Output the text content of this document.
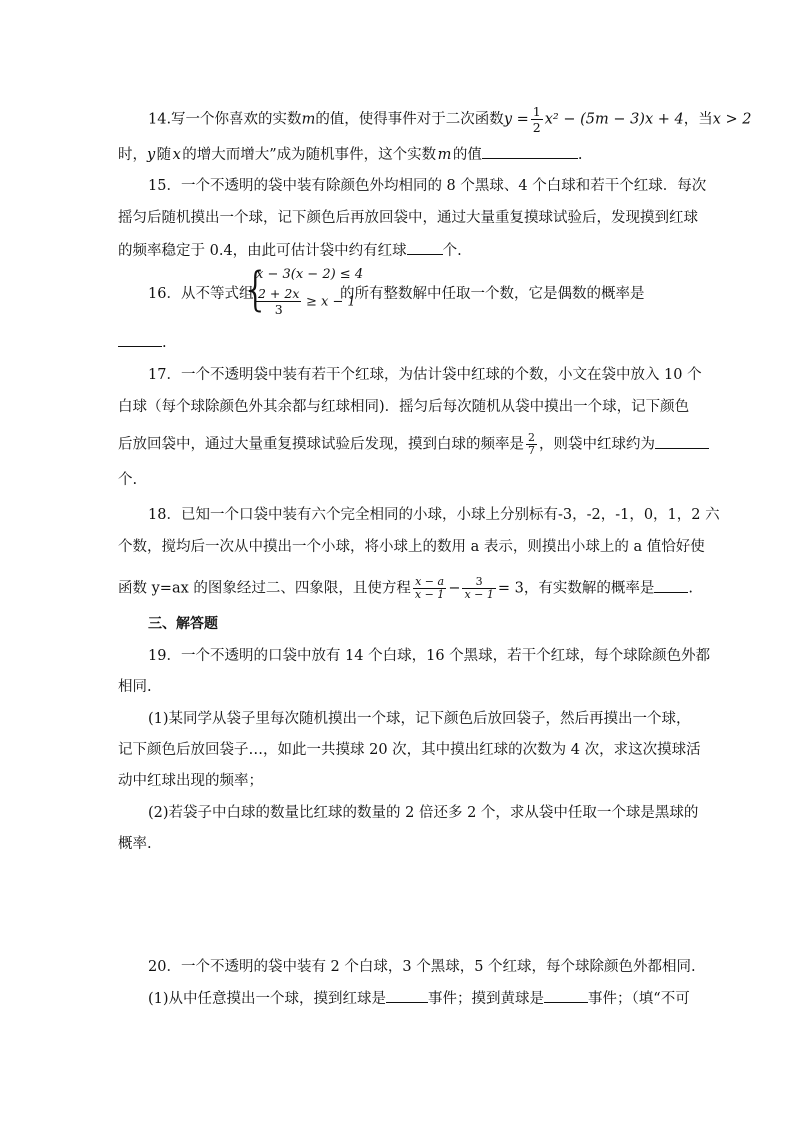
14.写一个你喜欢的实数m的值，使得事件对于二次函数$y = \frac{1}{2} x^2 - (5m - 3)x + 4$，当x > 2
时，y 随 x 的增大而增大”成为随机事件，这个实数 m 的值	.
15．一个不透明的袋中装有除颜色外均相同的 8 个黑球、4 个白球和若干个红球．每次
摇匀后随机摸出一个球，记下颜色后再放回袋中，通过大量重复摸球试验后，发现摸到红球
的频率稳定于 0.4，由此可估计袋中约有红球 个.
16．从不等式组
{
x − 3(x − 2) ≤ 4
$\frac{2 + 2x}{3} \ge x - 1$
的所有整数解中任取一个数，它是偶数的概率是
.
17．一个不透明袋中装有若干个红球，为估计袋中红球的个数，小文在袋中放入 10 个
白球（每个球除颜色外其余都与红球相同)．摇匀后每次随机从袋中摸出一个球，记下颜色
后放回袋中，通过大量重复摸球试验后发现，摸到白球的频率是 $\frac{2}{7}$ ，则袋中红球约为
个.
18．已知一个口袋中装有六个完全相同的小球，小球上分别标有-3，-2，-1，0，1，2 六
个数，搅均后一次从中摸出一个小球，将小球上的数用 a 表示，则摸出小球上的 a 值恰好使
函数 y=ax 的图象经过二、四象限，且使方程 $\frac{x - a}{x - 1} - \frac{3}{x - 1} = 3$，有实数解的概率是 .
三、解答题
19．一个不透明的口袋中放有 14 个白球，16 个黑球，若干个红球，每个球除颜色外都
相同.
(1)某同学从袋子里每次随机摸出一个球，记下颜色后放回袋子，然后再摸出一个球，
记下颜色后放回袋子…，如此一共摸球 20 次，其中摸出红球的次数为 4 次，求这次摸球活
动中红球出现的频率；
(2)若袋子中白球的数量比红球的数量的 2 倍还多 2 个，求从袋中任取一个球是黑球的
概率.
20．一个不透明的袋中装有 2 个白球，3 个黑球，5 个红球，每个球除颜色外都相同.
(1)从中任意摸出一个球，摸到红球是	事件；摸到黄球是	事件；（填“不可
